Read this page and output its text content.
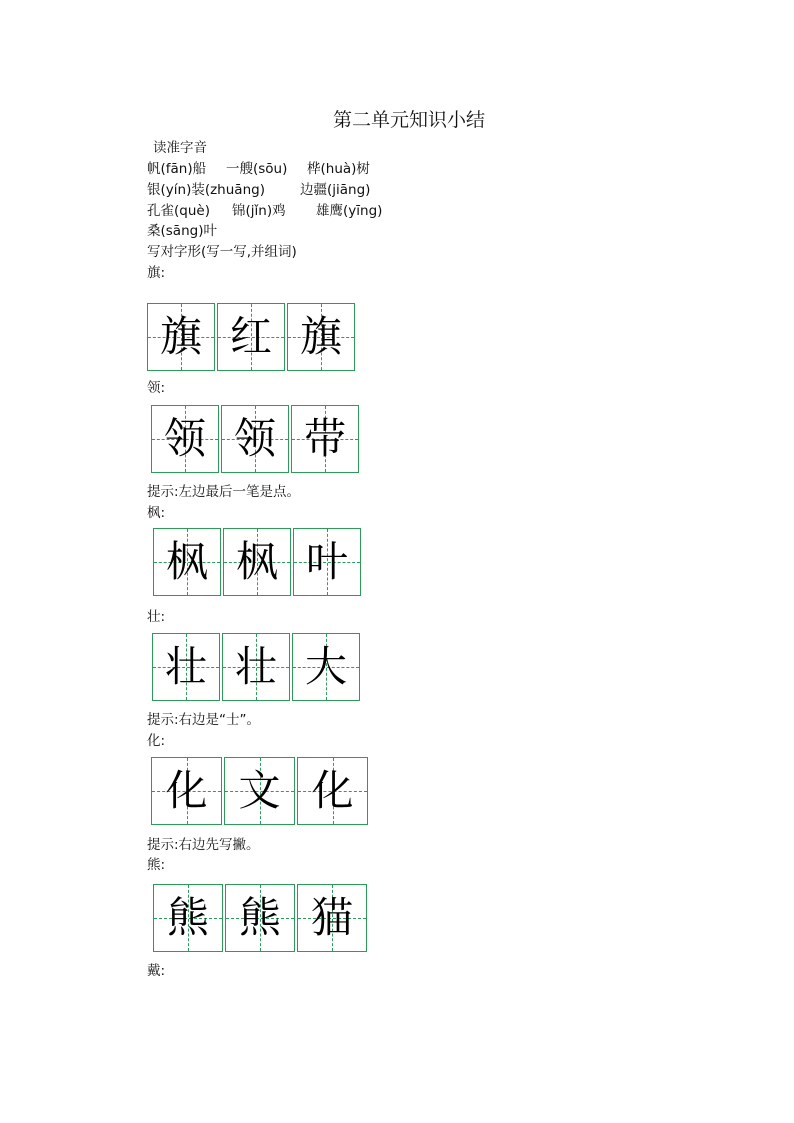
第二单元知识小结
读准字音
帆(fān)船 一艘(sōu) 桦(huà)树
银(yín)装(zhuāng)	边疆(jiāng)
孔雀(què) 锦(jǐn)鸡 雄鹰(yīng)
桑(sāng)叶
写对字形(写一写,并组词)
旗:
旗 红 旗
领:
领 领 带
提示:左边最后一笔是点。
枫:
枫 枫 叶
壮:
壮 壮 大
提示:右边是“士”。
化:
化 文 化
提示:右边先写撇。
熊:
熊 熊 猫
戴:
